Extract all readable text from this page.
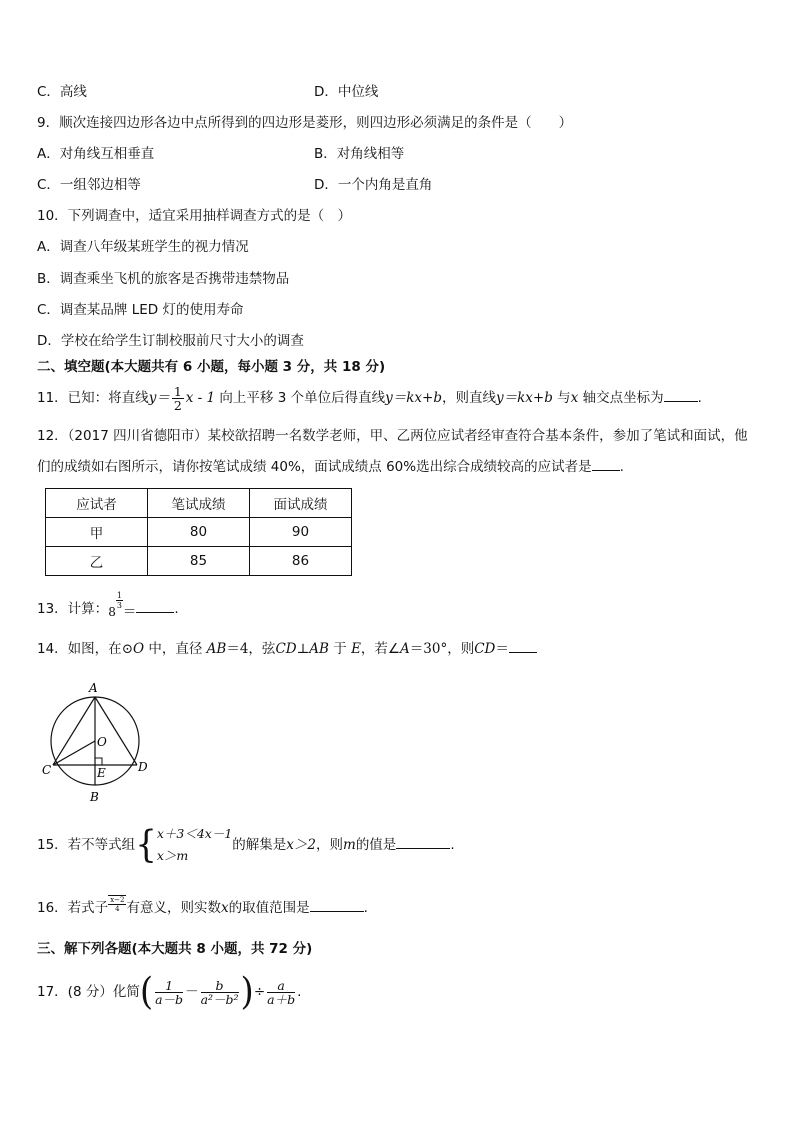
C．高线	D．中位线
9．顺次连接四边形各边中点所得到的四边形是菱形，则四边形必须满足的条件是（　　）
A．对角线互相垂直	B．对角线相等
C．一组邻边相等	D．一个内角是直角
10．下列调查中，适宜采用抽样调查方式的是（　）
A．调查八年级某班学生的视力情况
B．调查乘坐飞机的旅客是否携带违禁物品
C．调查某品牌 LED 灯的使用寿命
D．学校在给学生订制校服前尺寸大小的调查
二、填空题(本大题共有 6 小题，每小题 3 分，共 18 分)
11．已知：将直线$y= \frac{1}{2}$ x - 1 向上平移 3 个单位后得直线y＝kx+b，则直线y＝kx+b 与x 轴交点坐标为	.
12．（2017 四川省德阳市）某校欲招聘一名数学老师，甲、乙两位应试者经审查符合基本条件，参加了笔试和面试，他
们的成绩如右图所示，请你按笔试成绩 40%，面试成绩点 60%选出综合成绩较高的应试者是 .
应试者	笔试成绩	面试成绩
甲	80	90
乙	85	86
13．计算：8
$\frac{1}{3}$
＝	.
14．如图，在⊙O 中，直径 AB＝4，弦CD⊥AB 于 E，若∠A＝30°，则CD＝
A
O
C	E	D
B
15．若不等式组{ x＋3＜4x－1
x＞m
的解集是x＞2，则m的值是	.
16．若式子 $\frac{x-2}{4}$ 有意义，则实数x的取值范围是	.
三、解下列各题(本大题共 8 小题，共 72 分)
17．(8 分）化简( $\frac{1}{a-b} - \frac{b}{\text{a²－b²}}$ )÷ $\frac{a}{a+b}$ .
